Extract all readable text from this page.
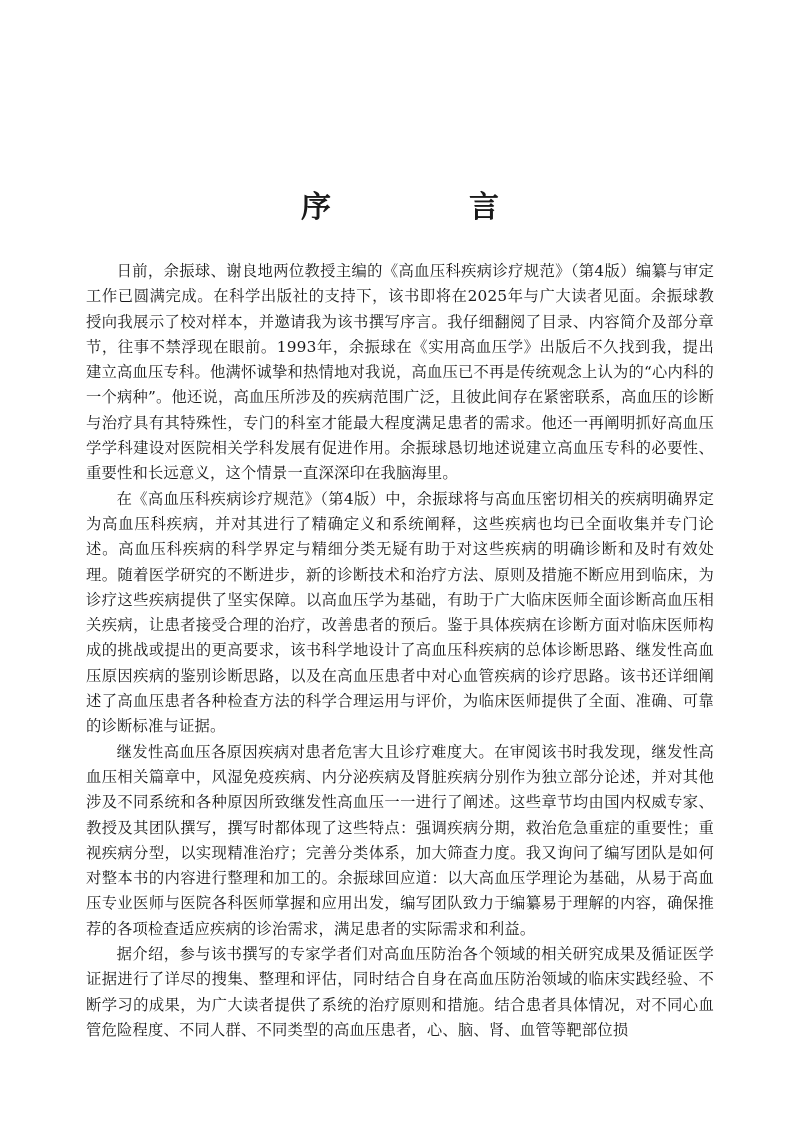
序　言

日前，余振球、谢良地两位教授主编的《高血压科疾病诊疗规范》（第4版）编纂与审定工作已圆满完成。在科学出版社的支持下，该书即将在2025年与广大读者见面。余振球教授向我展示了校对样本，并邀请我为该书撰写序言。我仔细翻阅了目录、内容简介及部分章节，往事不禁浮现在眼前。1993年，余振球在《实用高血压学》出版后不久找到我，提出建立高血压专科。他满怀诚挚和热情地对我说，高血压已不再是传统观念上认为的“心内科的一个病种”。他还说，高血压所涉及的疾病范围广泛，且彼此间存在紧密联系，高血压的诊断与治疗具有其特殊性，专门的科室才能最大程度满足患者的需求。他还一再阐明抓好高血压学学科建设对医院相关学科发展有促进作用。余振球恳切地述说建立高血压专科的必要性、重要性和长远意义，这个情景一直深深印在我脑海里。

在《高血压科疾病诊疗规范》（第4版）中，余振球将与高血压密切相关的疾病明确界定为高血压科疾病，并对其进行了精确定义和系统阐释，这些疾病也均已全面收集并专门论述。高血压科疾病的科学界定与精细分类无疑有助于对这些疾病的明确诊断和及时有效处理。随着医学研究的不断进步，新的诊断技术和治疗方法、原则及措施不断应用到临床，为诊疗这些疾病提供了坚实保障。以高血压学为基础，有助于广大临床医师全面诊断高血压相关疾病，让患者接受合理的治疗，改善患者的预后。鉴于具体疾病在诊断方面对临床医师构成的挑战或提出的更高要求，该书科学地设计了高血压科疾病的总体诊断思路、继发性高血压原因疾病的鉴别诊断思路，以及在高血压患者中对心血管疾病的诊疗思路。该书还详细阐述了高血压患者各种检查方法的科学合理运用与评价，为临床医师提供了全面、准确、可靠的诊断标准与证据。

继发性高血压各原因疾病对患者危害大且诊疗难度大。在审阅该书时我发现，继发性高血压相关篇章中，风湿免疫疾病、内分泌疾病及肾脏疾病分别作为独立部分论述，并对其他涉及不同系统和各种原因所致继发性高血压一一进行了阐述。这些章节均由国内权威专家、教授及其团队撰写，撰写时都体现了这些特点：强调疾病分期，救治危急重症的重要性；重视疾病分型，以实现精准治疗；完善分类体系，加大筛查力度。我又询问了编写团队是如何对整本书的内容进行整理和加工的。余振球回应道：以大高血压学理论为基础，从易于高血压专业医师与医院各科医师掌握和应用出发，编写团队致力于编纂易于理解的内容，确保推荐的各项检查适应疾病的诊治需求，满足患者的实际需求和利益。

据介绍，参与该书撰写的专家学者们对高血压防治各个领域的相关研究成果及循证医学证据进行了详尽的搜集、整理和评估，同时结合自身在高血压防治领域的临床实践经验、不断学习的成果，为广大读者提供了系统的治疗原则和措施。结合患者具体情况，对不同心血管危险程度、不同人群、不同类型的高血压患者，心、脑、肾、血管等靶部位损
